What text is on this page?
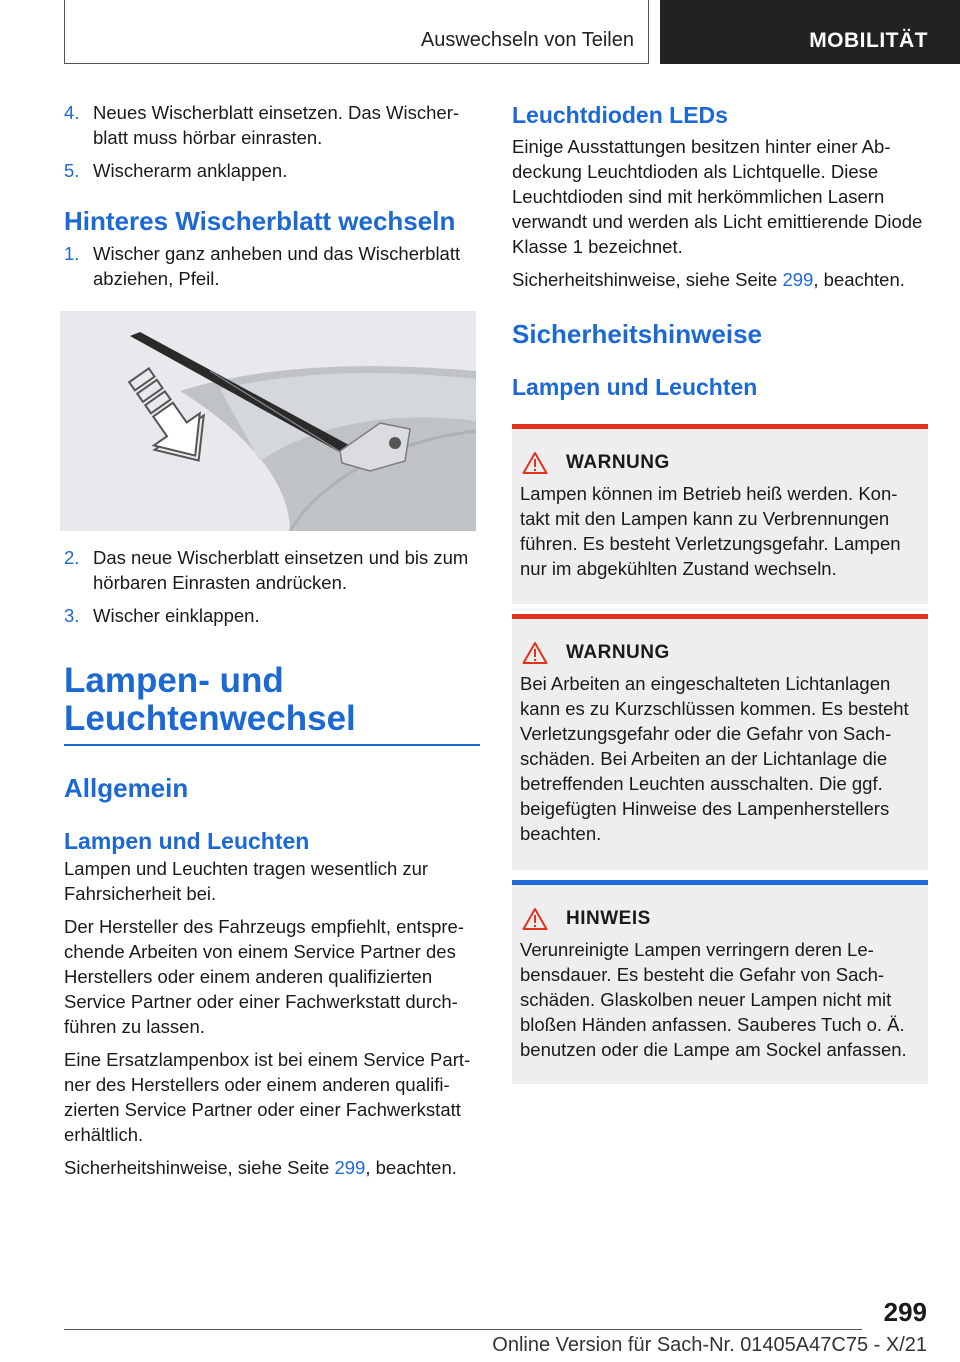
Auswechseln von Teilen	MOBILITÄT
4. Neues Wischerblatt einsetzen. Das Wischerblatt muss hörbar einrasten.
5. Wischerarm anklappen.
Hinteres Wischerblatt wechseln
1. Wischer ganz anheben und das Wischerblatt abziehen, Pfeil.
2. Das neue Wischerblatt einsetzen und bis zum hörbaren Einrasten andrücken.
3. Wischer einklappen.
Lampen- und Leuchtenwechsel
Allgemein
Lampen und Leuchten

Lampen und Leuchten tragen wesentlich zur Fahrsicherheit bei.

Der Hersteller des Fahrzeugs empfiehlt, entsprechende Arbeiten von einem Service Partner des Herstellers oder einem anderen qualifizierten Service Partner oder einer Fachwerkstatt durchführen zu lassen.

Eine Ersatzlampenbox ist bei einem Service Partner des Herstellers oder einem anderen qualifizierten Service Partner oder einer Fachwerkstatt erhältlich.

Sicherheitshinweise, siehe Seite 299, beachten.

Leuchtdioden LEDs

Einige Ausstattungen besitzen hinter einer Abdeckung Leuchtdioden als Lichtquelle. Diese Leuchtdioden sind mit herkömmlichen Lasern verwandt und werden als Licht emittierende Diode Klasse 1 bezeichnet.

Sicherheitshinweise, siehe Seite 299, beachten.

Sicherheitshinweise
Lampen und Leuchten
WARNUNG

Lampen können im Betrieb heiß werden. Kontakt mit den Lampen kann zu Verbrennungen führen. Es besteht Verletzungsgefahr. Lampen nur im abgekühlten Zustand wechseln.

WARNUNG

Bei Arbeiten an eingeschalteten Lichtanlagen kann es zu Kurzschlüssen kommen. Es besteht Verletzungsgefahr oder die Gefahr von Sachschäden. Bei Arbeiten an der Lichtanlage die betreffenden Leuchten ausschalten. Die ggf. beigefügten Hinweise des Lampenherstellers beachten.

HINWEIS

Verunreinigte Lampen verringern deren Lebensdauer. Es besteht die Gefahr von Sachschäden. Glaskolben neuer Lampen nicht mit bloßen Händen anfassen. Sauberes Tuch o. Ä. benutzen oder die Lampe am Sockel anfassen.

299
Online Version für Sach-Nr. 01405A47C75 - X/21
